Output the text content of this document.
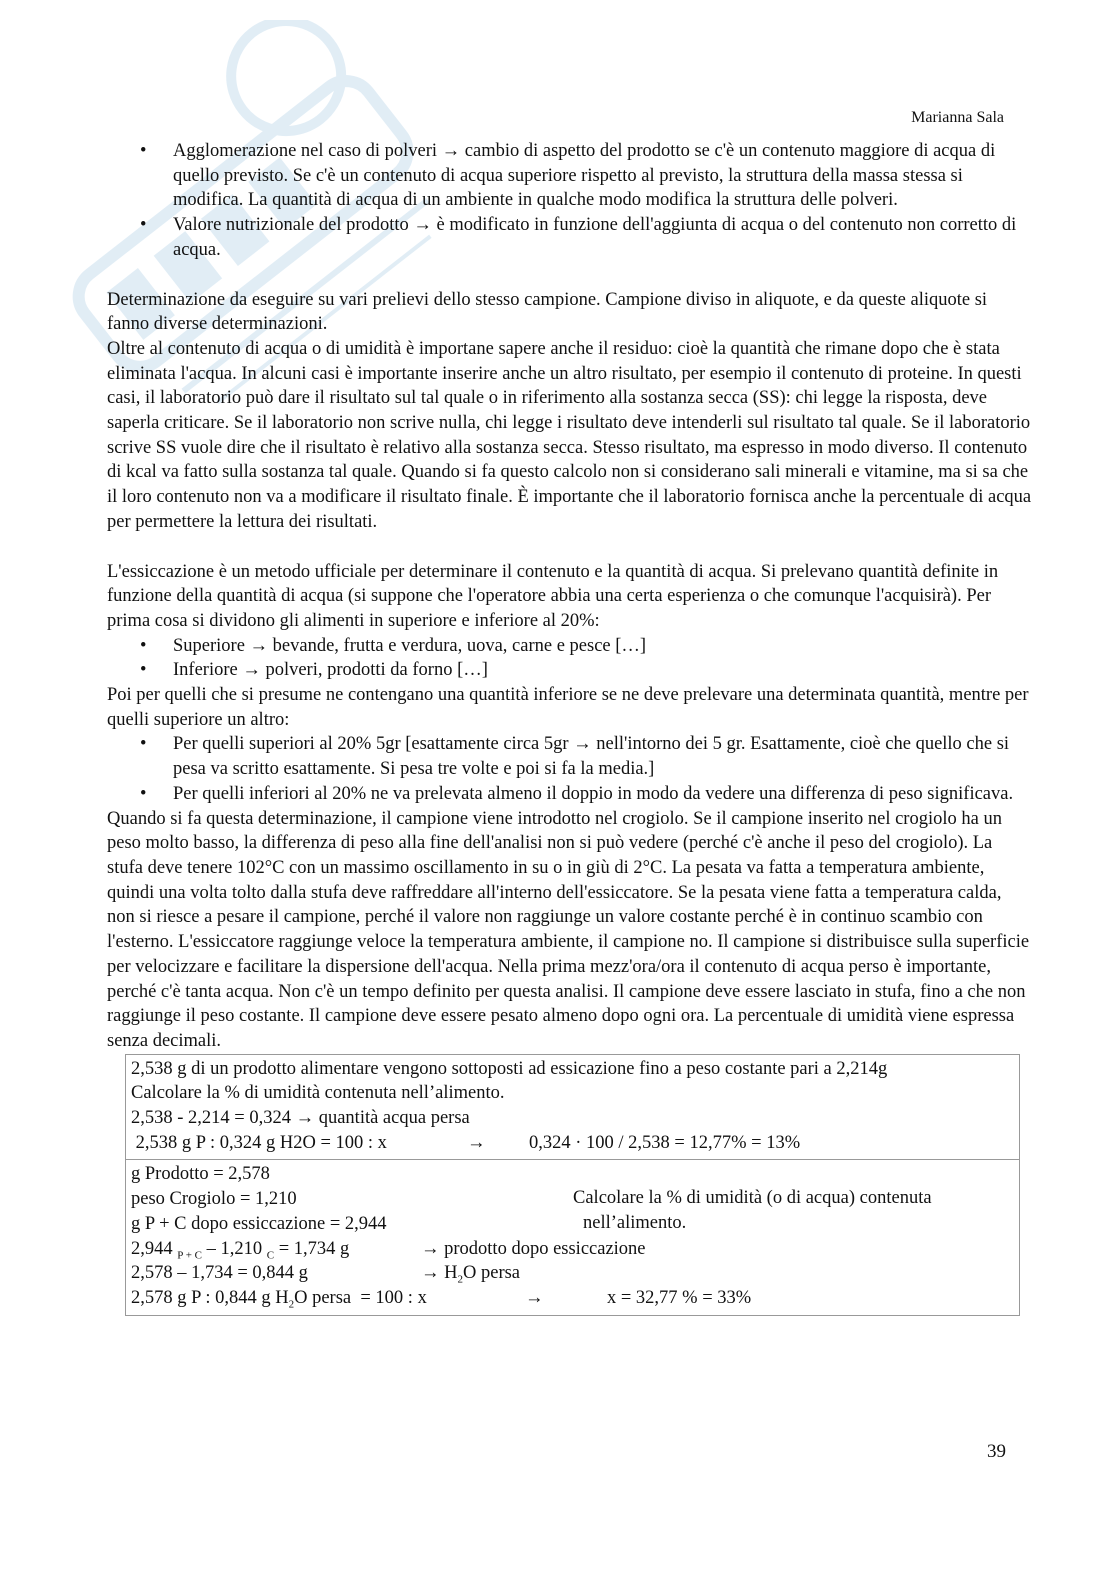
Marianna Sala
• Agglomerazione nel caso di polveri → cambio di aspetto del prodotto se c'è un contenuto maggiore di acqua di quello previsto. Se c'è un contenuto di acqua superiore rispetto al previsto, la struttura della massa stessa si modifica. La quantità di acqua di un ambiente in qualche modo modifica la struttura delle polveri.
• Valore nutrizionale del prodotto → è modificato in funzione dell'aggiunta di acqua o del contenuto non corretto di acqua.

Determinazione da eseguire su vari prelievi dello stesso campione. Campione diviso in aliquote, e da queste aliquote si fanno diverse determinazioni.

Oltre al contenuto di acqua o di umidità è importane sapere anche il residuo: cioè la quantità che rimane dopo che è stata eliminata l'acqua. In alcuni casi è importante inserire anche un altro risultato, per esempio il contenuto di proteine. In questi casi, il laboratorio può dare il risultato sul tal quale o in riferimento alla sostanza secca (SS): chi legge la risposta, deve saperla criticare. Se il laboratorio non scrive nulla, chi legge i risultato deve intenderli sul risultato tal quale. Se il laboratorio scrive SS vuole dire che il risultato è relativo alla sostanza secca. Stesso risultato, ma espresso in modo diverso. Il contenuto di kcal va fatto sulla sostanza tal quale. Quando si fa questo calcolo non si considerano sali minerali e vitamine, ma si sa che il loro contenuto non va a modificare il risultato finale. È importante che il laboratorio fornisca anche la percentuale di acqua per permettere la lettura dei risultati.

L'essiccazione è un metodo ufficiale per determinare il contenuto e la quantità di acqua. Si prelevano quantità definite in funzione della quantità di acqua (si suppone che l'operatore abbia una certa esperienza o che comunque l'acquisirà). Per prima cosa si dividono gli alimenti in superiore e inferiore al 20%:

• Superiore → bevande, frutta e verdura, uova, carne e pesce […]
• Inferiore → polveri, prodotti da forno […]

Poi per quelli che si presume ne contengano una quantità inferiore se ne deve prelevare una determinata quantità, mentre per quelli superiore un altro:

• Per quelli superiori al 20% 5gr [esattamente circa 5gr → nell'intorno dei 5 gr. Esattamente, cioè che quello che si pesa va scritto esattamente. Si pesa tre volte e poi si fa la media.]
• Per quelli inferiori al 20% ne va prelevata almeno il doppio in modo da vedere una differenza di peso significava.

Quando si fa questa determinazione, il campione viene introdotto nel crogiolo. Se il campione inserito nel crogiolo ha un peso molto basso, la differenza di peso alla fine dell'analisi non si può vedere (perché c'è anche il peso del crogiolo). La stufa deve tenere 102°C con un massimo oscillamento in su o in giù di 2°C. La pesata va fatta a temperatura ambiente, quindi una volta tolto dalla stufa deve raffreddare all'interno dell'essiccatore. Se la pesata viene fatta a temperatura calda, non si riesce a pesare il campione, perché il valore non raggiunge un valore costante perché è in continuo scambio con l'esterno. L'essiccatore raggiunge veloce la temperatura ambiente, il campione no. Il campione si distribuisce sulla superficie per velocizzare e facilitare la dispersione dell'acqua. Nella prima mezz'ora/ora il contenuto di acqua perso è importante, perché c'è tanta acqua. Non c'è un tempo definito per questa analisi. Il campione deve essere lasciato in stufa, fino a che non raggiunge il peso costante. Il campione deve essere pesato almeno dopo ogni ora. La percentuale di umidità viene espressa senza decimali.

2,538 g di un prodotto alimentare vengono sottoposti ad essicazione fino a peso costante pari a 2,214g
Calcolare la % di umidità contenuta nell’alimento.
2,538 - 2,214 = 0,324 → quantità acqua persa
2,538 g P : 0,324 g H2O = 100 : x	→	0,324 · 100 / 2,538 = 12,77% = 13%
g Prodotto = 2,578
peso Crogiolo = 1,210
g P + C dopo essiccazione = 2,944
2,944 $_{P + C}$ – 1,210 $_C$ = 1,734 g	→ prodotto dopo essiccazione
2,578 – 1,734 = 0,844 g	→ $H_2O$ persa
2,578 g P : 0,844 g $H_2O$ persa  = 100 : x	→	x = 32,77 % = 33%
Calcolare la % di umidità (o di acqua) contenuta
nell’alimento.
39
